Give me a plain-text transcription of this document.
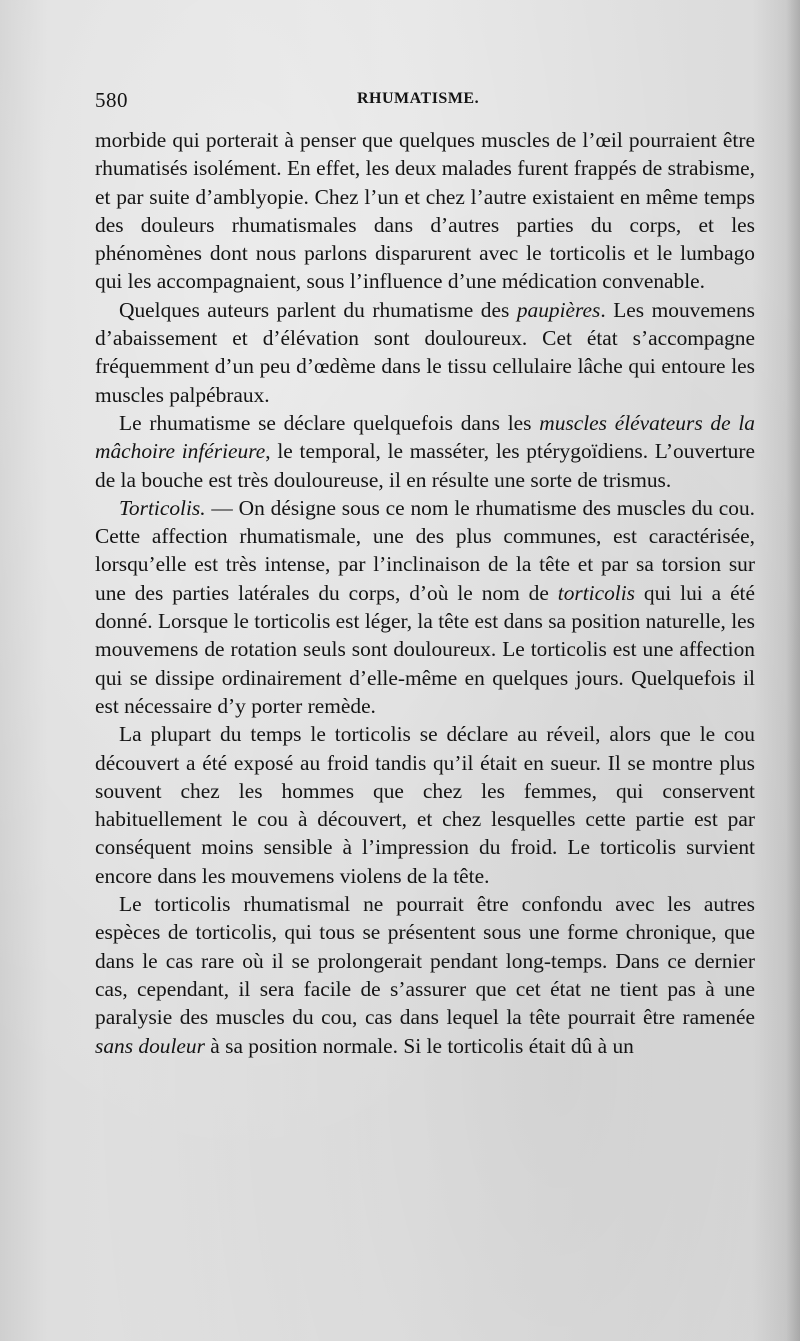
580	RHUMATISME.

morbide qui porterait à penser que quelques muscles de l’œil pourraient être rhumatisés isolément. En effet, les deux malades furent frappés de strabisme, et par suite d’amblyopie. Chez l’un et chez l’autre existaient en même temps des douleurs rhumatismales dans d’autres parties du corps, et les phénomènes dont nous parlons disparurent avec le torticolis et le lumbago qui les accompagnaient, sous l’influence d’une médication convenable.

Quelques auteurs parlent du rhumatisme des paupières. Les mouvemens d’abaissement et d’élévation sont douloureux. Cet état s’accompagne fréquemment d’un peu d’œdème dans le tissu cellulaire lâche qui entoure les muscles palpébraux.

Le rhumatisme se déclare quelquefois dans les muscles élévateurs de la mâchoire inférieure, le temporal, le masséter, les ptérygoïdiens. L’ouverture de la bouche est très douloureuse, il en résulte une sorte de trismus.

Torticolis. — On désigne sous ce nom le rhumatisme des muscles du cou. Cette affection rhumatismale, une des plus communes, est caractérisée, lorsqu’elle est très intense, par l’inclinaison de la tête et par sa torsion sur une des parties latérales du corps, d’où le nom de torticolis qui lui a été donné. Lorsque le torticolis est léger, la tête est dans sa position naturelle, les mouvemens de rotation seuls sont douloureux. Le torticolis est une affection qui se dissipe ordinairement d’elle-même en quelques jours. Quelquefois il est nécessaire d’y porter remède.

La plupart du temps le torticolis se déclare au réveil, alors que le cou découvert a été exposé au froid tandis qu’il était en sueur. Il se montre plus souvent chez les hommes que chez les femmes, qui conservent habituellement le cou à découvert, et chez lesquelles cette partie est par conséquent moins sensible à l’impression du froid. Le torticolis survient encore dans les mouvemens violens de la tête.

Le torticolis rhumatismal ne pourrait être confondu avec les autres espèces de torticolis, qui tous se présentent sous une forme chronique, que dans le cas rare où il se prolongerait pendant long-temps. Dans ce dernier cas, cependant, il sera facile de s’assurer que cet état ne tient pas à une paralysie des muscles du cou, cas dans lequel la tête pourrait être ramenée sans douleur à sa position normale. Si le torticolis était dû à un
